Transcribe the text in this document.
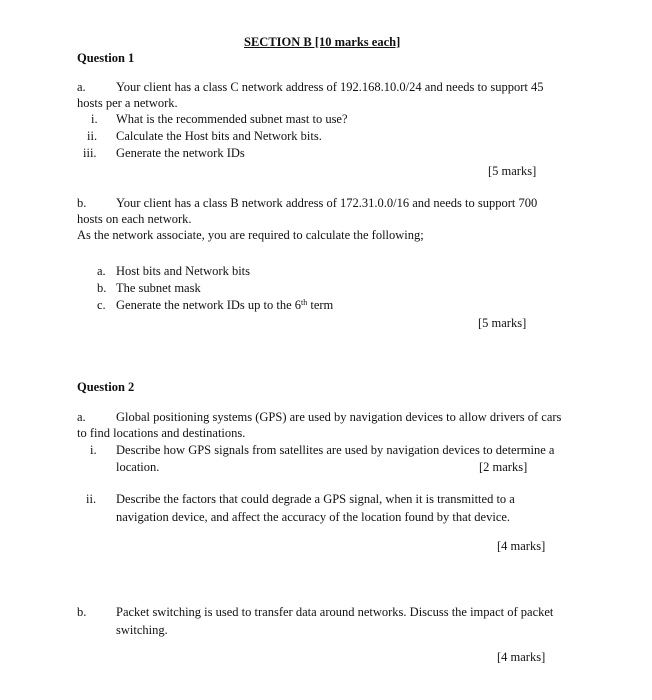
SECTION B [10 marks each]
Question 1
a. Your client has a class C network address of 192.168.10.0/24 and needs to support 45
hosts per a network.
i. What is the recommended subnet mast to use?
ii. Calculate the Host bits and Network bits.
iii. Generate the network IDs
[5 marks]
b. Your client has a class B network address of 172.31.0.0/16 and needs to support 700
hosts on each network.
As the network associate, you are required to calculate the following;
a. Host bits and Network bits
b. The subnet mask
c. Generate the network IDs up to the 6th term
[5 marks]
Question 2
a. Global positioning systems (GPS) are used by navigation devices to allow drivers of cars
to find locations and destinations.
i. Describe how GPS signals from satellites are used by navigation devices to determine a
location.	[2 marks]
ii. Describe the factors that could degrade a GPS signal, when it is transmitted to a
navigation device, and affect the accuracy of the location found by that device.
[4 marks]
b. Packet switching is used to transfer data around networks. Discuss the impact of packet
switching.
[4 marks]
